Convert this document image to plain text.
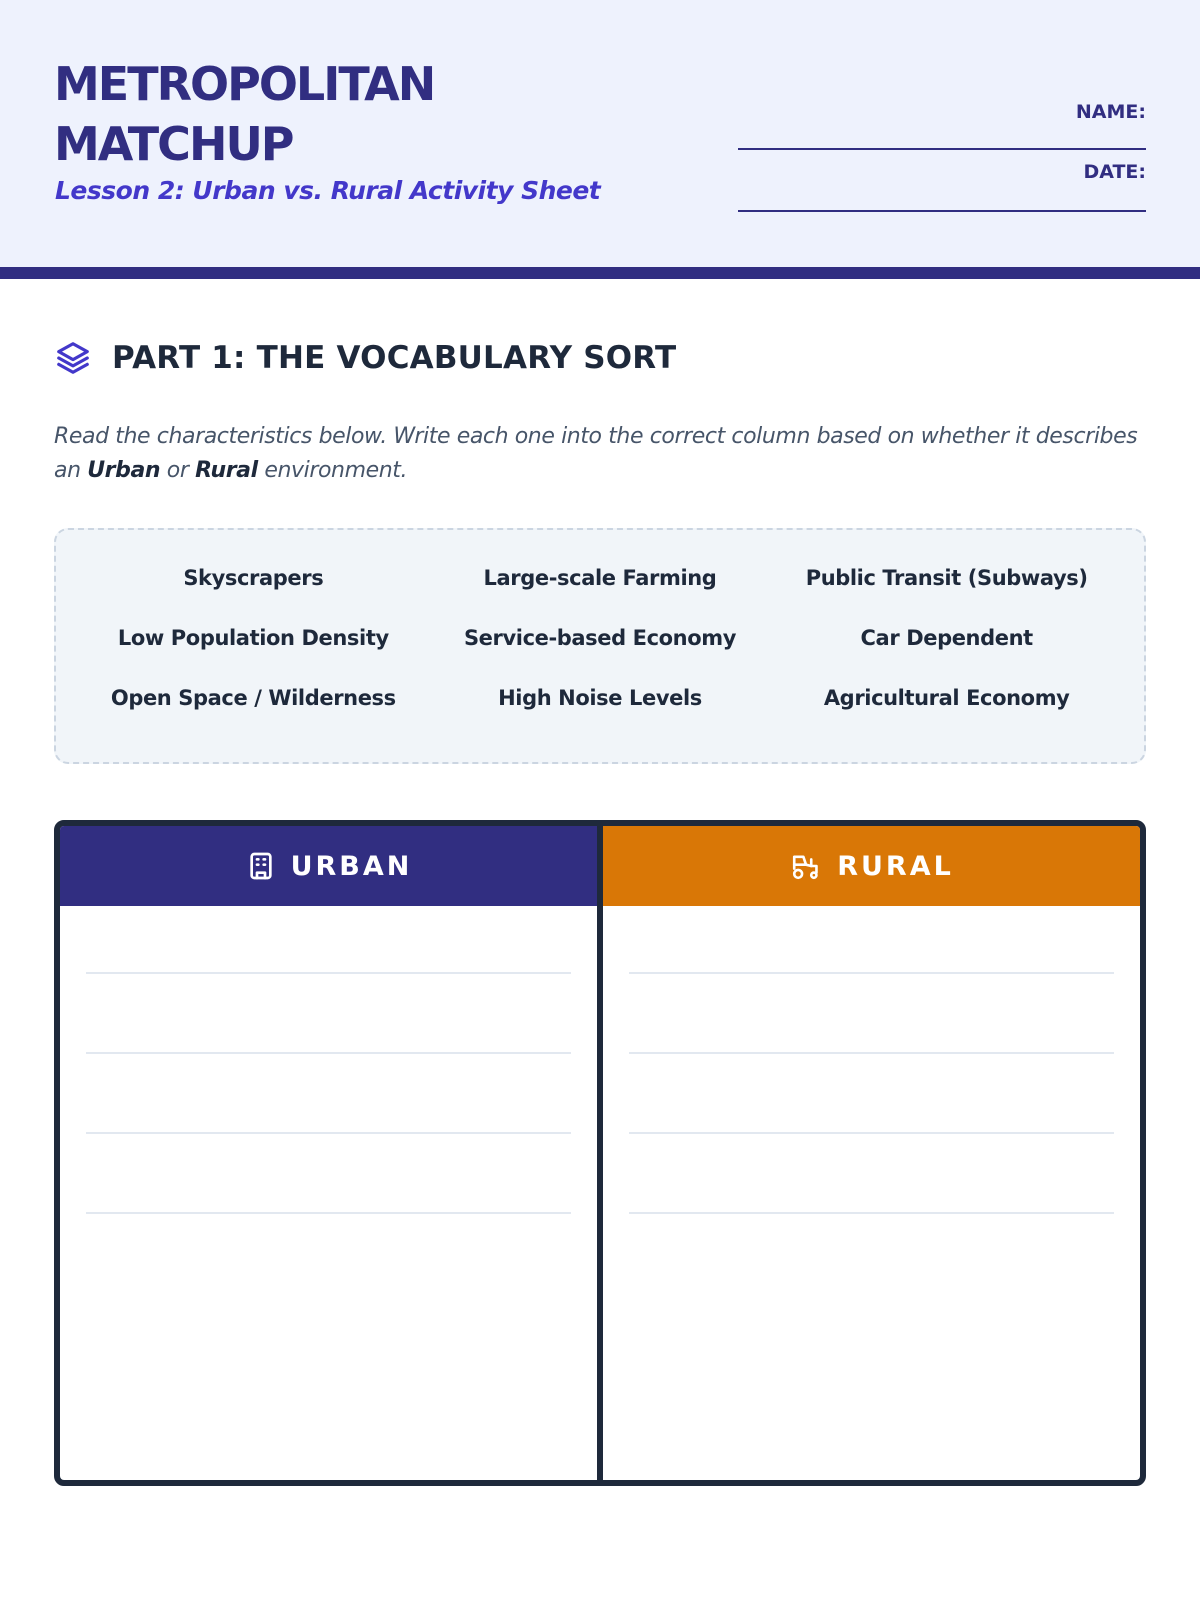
METROPOLITAN MATCHUP
Lesson 2: Urban vs. Rural Activity Sheet
NAME:
DATE:
PART 1: THE VOCABULARY SORT
Read the characteristics below. Write each one into the correct column based on whether it describes an Urban or Rural environment.
Skyscrapers	Large-scale Farming	Public Transit (Subways)
Low Population Density	Service-based Economy	Car Dependent
Open Space / Wilderness	High Noise Levels	Agricultural Economy
URBAN	RURAL
